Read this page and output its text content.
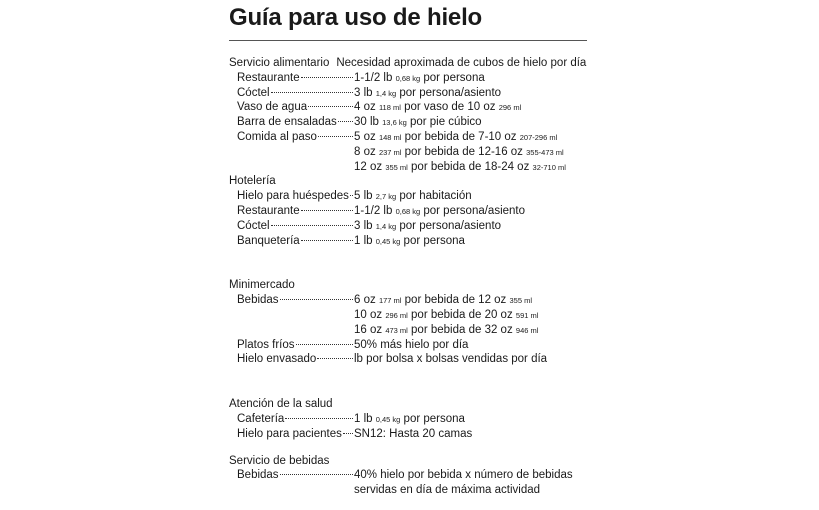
Guía para uso de hielo
Servicio alimentario Necesidad aproximada de cubos de hielo por día
Restaurante	1-1/2 lb 0,68 kg por persona
Cóctel	3 lb 1,4 kg por persona/asiento
Vaso de agua	4 oz 118 ml por vaso de 10 oz 296 ml
Barra de ensaladas 30 lb 13,6 kg por pie cúbico
Comida al paso	5 oz 148 ml por bebida de 7-10 oz 207-296 ml
8 oz 237 ml por bebida de 12-16 oz 355-473 ml
12 oz 355 ml por bebida de 18-24 oz 32-710 ml
Hotelería
Hielo para huéspedes 5 lb 2,7 kg por habitación
Restaurante	1-1/2 lb 0,68 kg por persona/asiento
Cóctel	3 lb 1,4 kg por persona/asiento
Banquetería	1 lb 0,45 kg por persona
Minimercado
Bebidas	6 oz 177 ml por bebida de 12 oz 355 ml
10 oz 296 ml por bebida de 20 oz 591 ml
16 oz 473 ml por bebida de 32 oz 946 ml
Platos fríos	50% más hielo por día
Hielo envasado	lb por bolsa x bolsas vendidas por día
Atención de la salud
Cafetería	1 lb 0,45 kg por persona
Hielo para pacientes SN12: Hasta 20 camas
Servicio de bebidas
Bebidas	40% hielo por bebida x número de bebidas
servidas en día de máxima actividad
